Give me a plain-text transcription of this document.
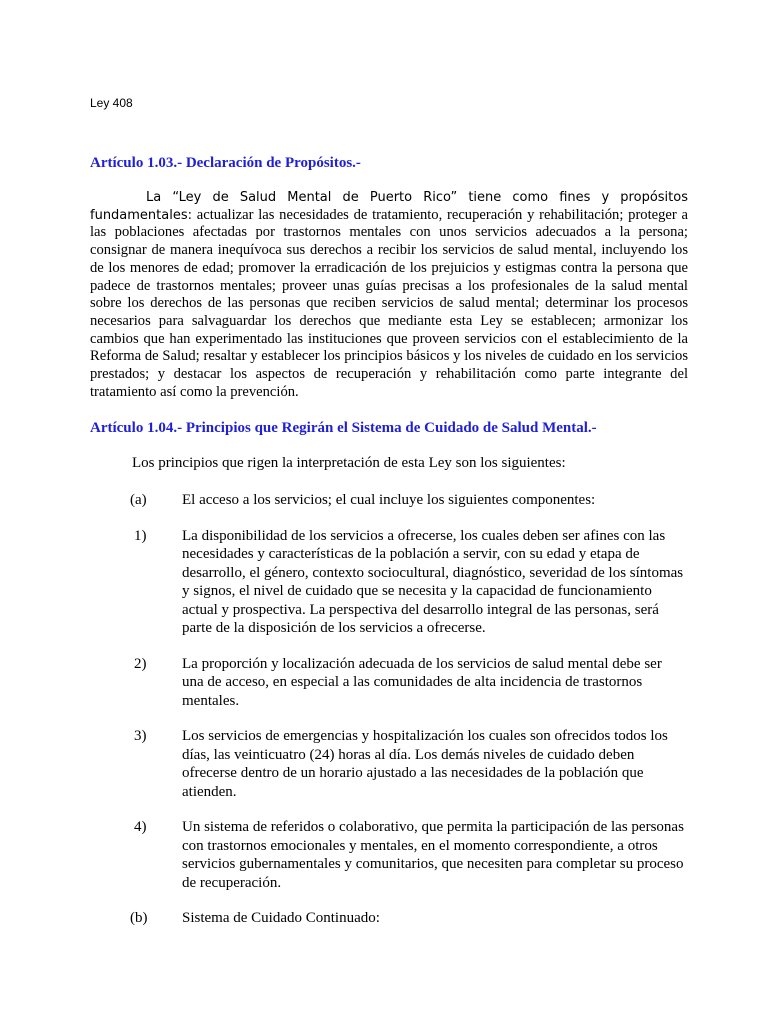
Ley 408
Artículo 1.03.- Declaración de Propósitos.-

La “Ley de Salud Mental de Puerto Rico” tiene como fines y propósitos fundamentales: actualizar las necesidades de tratamiento, recuperación y rehabilitación; proteger a las poblaciones afectadas por trastornos mentales con unos servicios adecuados a la persona; consignar de manera inequívoca sus derechos a recibir los servicios de salud mental, incluyendo los de los menores de edad; promover la erradicación de los prejuicios y estigmas contra la persona que padece de trastornos mentales; proveer unas guías precisas a los profesionales de la salud mental sobre los derechos de las personas que reciben servicios de salud mental; determinar los procesos necesarios para salvaguardar los derechos que mediante esta Ley se establecen; armonizar los cambios que han experimentado las instituciones que proveen servicios con el establecimiento de la Reforma de Salud; resaltar y establecer los principios básicos y los niveles de cuidado en los servicios prestados; y destacar los aspectos de recuperación y rehabilitación como parte integrante del tratamiento así como la prevención.

Artículo 1.04.- Principios que Regirán el Sistema de Cuidado de Salud Mental.-
Los principios que rigen la interpretación de esta Ley son los siguientes:
(a)	El acceso a los servicios; el cual incluye los siguientes componentes:
1)	La disponibilidad de los servicios a ofrecerse, los cuales deben ser afines con las necesidades y características de la población a servir, con su edad y etapa de desarrollo, el género, contexto sociocultural, diagnóstico, severidad de los síntomas y signos, el nivel de cuidado que se necesita y la capacidad de funcionamiento actual y prospectiva. La perspectiva del desarrollo integral de las personas, será parte de la disposición de los servicios a ofrecerse.
2)	La proporción y localización adecuada de los servicios de salud mental debe ser una de acceso, en especial a las comunidades de alta incidencia de trastornos mentales.
3)	Los servicios de emergencias y hospitalización los cuales son ofrecidos todos los días, las veinticuatro (24) horas al día. Los demás niveles de cuidado deben ofrecerse dentro de un horario ajustado a las necesidades de la población que atienden.
4)	Un sistema de referidos o colaborativo, que permita la participación de las personas con trastornos emocionales y mentales, en el momento correspondiente, a otros servicios gubernamentales y comunitarios, que necesiten para completar su proceso de recuperación.
(b)	Sistema de Cuidado Continuado:
